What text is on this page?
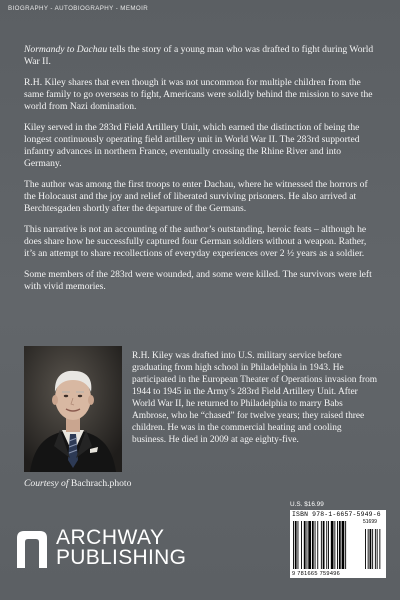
BIOGRAPHY - AUTOBIOGRAPHY - MEMOIR

Normandy to Dachau tells the story of a young man who was drafted to fight during World War II.

R.H. Kiley shares that even though it was not uncommon for multiple children from the same family to go overseas to fight, Americans were solidly behind the mission to save the world from Nazi domination.

Kiley served in the 283rd Field Artillery Unit, which earned the distinction of being the longest continuously operating field artillery unit in World War II. The 283rd supported infantry advances in northern France, eventually crossing the Rhine River and into Germany.

The author was among the first troops to enter Dachau, where he witnessed the horrors of the Holocaust and the joy and relief of liberated surviving prisoners. He also arrived at Berchtesgaden shortly after the departure of the Germans.

This narrative is not an accounting of the author’s outstanding, heroic feats – although he does share how he successfully captured four German soldiers without a weapon. Rather, it’s an attempt to share recollections of everyday experiences over 2 ½ years as a soldier.

Some members of the 283rd were wounded, and some were killed. The survivors were left with vivid memories.

Courtesy of Bachrach.photo

R.H. Kiley was drafted into U.S. military service before graduating from high school in Philadelphia in 1943. He participated in the European Theater of Operations invasion from 1944 to 1945 in the Army’s 283rd Field Artillery Unit. After World War II, he returned to Philadelphia to marry Babs Ambrose, who he “chased” for twelve years; they raised three children. He was in the commercial heating and cooling business. He died in 2009 at age eighty-five.

ARCHWAY
PUBLISHING
U.S. $16.99
ISBN 978-1-6657-5949-6
51699
9 781665 759496
